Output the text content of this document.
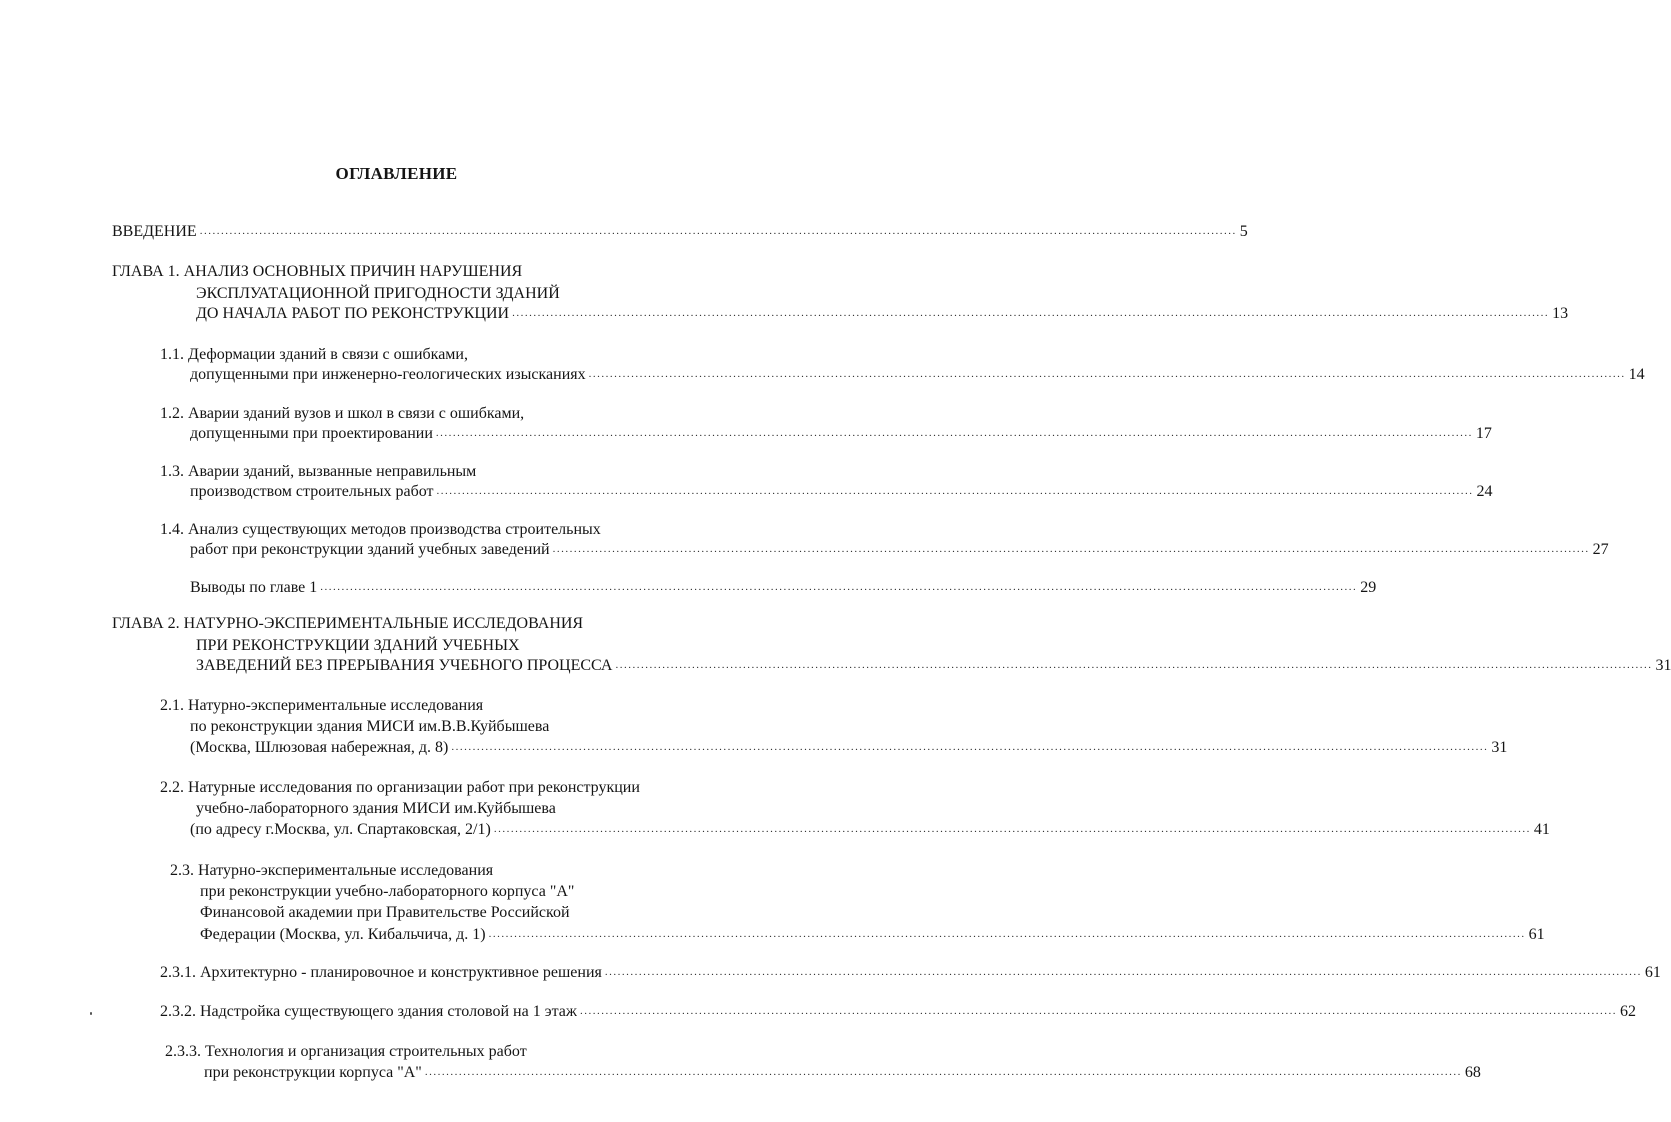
ОГЛАВЛЕНИЕ
ВВЕДЕНИЕ .................................................................................................................................................................................................................................................... 5
ГЛАВА 1. АНАЛИЗ ОСНОВНЫХ ПРИЧИН НАРУШЕНИЯ
ЭКСПЛУАТАЦИОННОЙ ПРИГОДНОСТИ ЗДАНИЙ
ДО НАЧАЛА РАБОТ ПО РЕКОНСТРУКЦИИ .................................................................................................................................................................................................................................................... 13
1.1. Деформации зданий в связи с ошибками,
допущенными при инженерно-геологических изысканиях .................................................................................................................................................................................................................................................... 14
1.2. Аварии зданий вузов и школ в связи с ошибками,
допущенными при проектировании .................................................................................................................................................................................................................................................... 17
1.3. Аварии зданий, вызванные неправильным
производством строительных работ .................................................................................................................................................................................................................................................... 24
1.4. Анализ существующих методов производства строительных
работ при реконструкции зданий учебных заведений .................................................................................................................................................................................................................................................... 27
Выводы по главе 1 .................................................................................................................................................................................................................................................... 29
ГЛАВА 2. НАТУРНО-ЭКСПЕРИМЕНТАЛЬНЫЕ ИССЛЕДОВАНИЯ
ПРИ РЕКОНСТРУКЦИИ ЗДАНИЙ УЧЕБНЫХ
ЗАВЕДЕНИЙ БЕЗ ПРЕРЫВАНИЯ УЧЕБНОГО ПРОЦЕССА .................................................................................................................................................................................................................................................... 31
2.1. Натурно-экспериментальные исследования
по реконструкции здания МИСИ им.В.В.Куйбышева
(Москва, Шлюзовая набережная, д. 8) .................................................................................................................................................................................................................................................... 31
2.2. Натурные исследования по организации работ при реконструкции
учебно-лабораторного здания МИСИ им.Куйбышева
(по адресу г.Москва, ул. Спартаковская, 2/1) .................................................................................................................................................................................................................................................... 41
2.3. Натурно-экспериментальные исследования
при реконструкции учебно-лабораторного корпуса "А"
Финансовой академии при Правительстве Российской
Федерации (Москва, ул. Кибальчича, д. 1) .................................................................................................................................................................................................................................................... 61
2.3.1. Архитектурно - планировочное и конструктивное решения .................................................................................................................................................................................................................................................... 61
2.3.2. Надстройка существующего здания столовой на 1 этаж .................................................................................................................................................................................................................................................... 62
2.3.3. Технология и организация строительных работ
при реконструкции корпуса "А" .................................................................................................................................................................................................................................................... 68
